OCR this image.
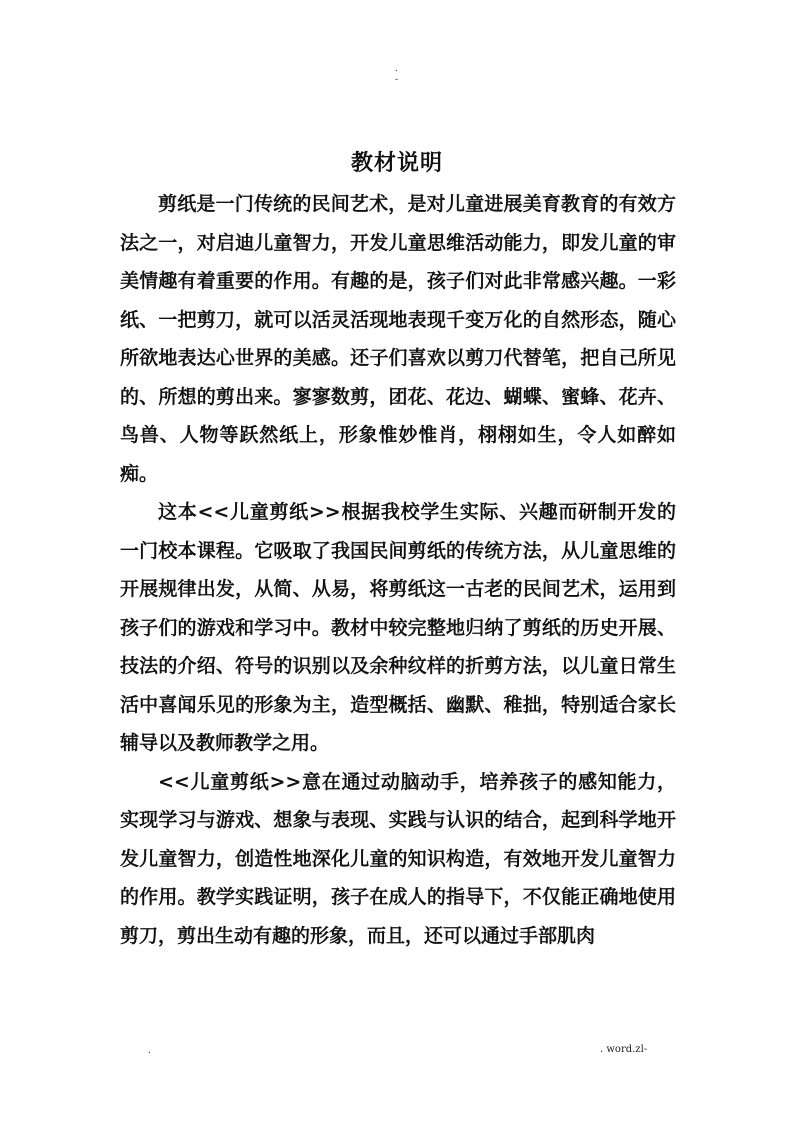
.
-
教材说明

剪纸是一门传统的民间艺术，是对儿童进展美育教育的有效方法之一，对启迪儿童智力，开发儿童思维活动能力，即发儿童的审美情趣有着重要的作用。有趣的是，孩子们对此非常感兴趣。一彩纸、一把剪刀，就可以活灵活现地表现千变万化的自然形态，随心所欲地表达心世界的美感。还子们喜欢以剪刀代替笔，把自己所见的、所想的剪出来。寥寥数剪，团花、花边、蝴蝶、蜜蜂、花卉、鸟兽、人物等跃然纸上，形象惟妙惟肖，栩栩如生，令人如醉如痴。

这本<<儿童剪纸>>根据我校学生实际、兴趣而研制开发的一门校本课程。它吸取了我国民间剪纸的传统方法，从儿童思维的开展规律出发，从简、从易，将剪纸这一古老的民间艺术，运用到孩子们的游戏和学习中。教材中较完整地归纳了剪纸的历史开展、技法的介绍、符号的识别以及余种纹样的折剪方法，以儿童日常生活中喜闻乐见的形象为主，造型概括、幽默、稚拙，特别适合家长辅导以及教师教学之用。

<<儿童剪纸>>意在通过动脑动手，培养孩子的感知能力，实现学习与游戏、想象与表现、实践与认识的结合，起到科学地开发儿童智力，创造性地深化儿童的知识构造，有效地开发儿童智力的作用。教学实践证明，孩子在成人的指导下，不仅能正确地使用剪刀，剪出生动有趣的形象，而且，还可以通过手部肌肉

.	. word.zl-
